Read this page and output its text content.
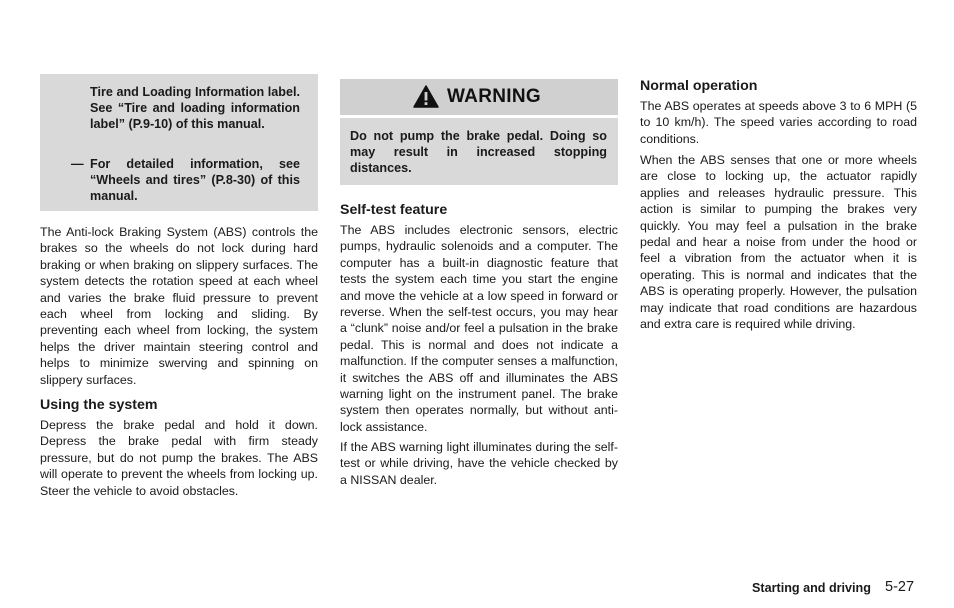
Tire and Loading Information label. See “Tire and loading information label” (P.9-10) of this manual.
— For detailed information, see “Wheels and tires” (P.8-30) of this manual.

The Anti-lock Braking System (ABS) controls the brakes so the wheels do not lock during hard braking or when braking on slippery surfaces. The system detects the rotation speed at each wheel and varies the brake fluid pressure to prevent each wheel from locking and sliding. By preventing each wheel from locking, the system helps the driver maintain steering control and helps to minimize swerving and spinning on slippery surfaces.

Using the system

Depress the brake pedal and hold it down. Depress the brake pedal with firm steady pressure, but do not pump the brakes. The ABS will operate to prevent the wheels from locking up. Steer the vehicle to avoid obstacles.

WARNING
Do not pump the brake pedal. Doing so may result in increased stopping distances.
Self-test feature

The ABS includes electronic sensors, electric pumps, hydraulic solenoids and a computer. The computer has a built-in diagnostic feature that tests the system each time you start the engine and move the vehicle at a low speed in forward or reverse. When the self-test occurs, you may hear a “clunk” noise and/or feel a pulsation in the brake pedal. This is normal and does not indicate a malfunction. If the computer senses a malfunction, it switches the ABS off and illuminates the ABS warning light on the instrument panel. The brake system then operates normally, but without anti-lock assistance.

If the ABS warning light illuminates during the self-test or while driving, have the vehicle checked by a NISSAN dealer.

Normal operation

The ABS operates at speeds above 3 to 6 MPH (5 to 10 km/h). The speed varies according to road conditions.

When the ABS senses that one or more wheels are close to locking up, the actuator rapidly applies and releases hydraulic pressure. This action is similar to pumping the brakes very quickly. You may feel a pulsation in the brake pedal and hear a noise from under the hood or feel a vibration from the actuator when it is operating. This is normal and indicates that the ABS is operating properly. However, the pulsation may indicate that road conditions are hazardous and extra care is required while driving.

Starting and driving 5-27
